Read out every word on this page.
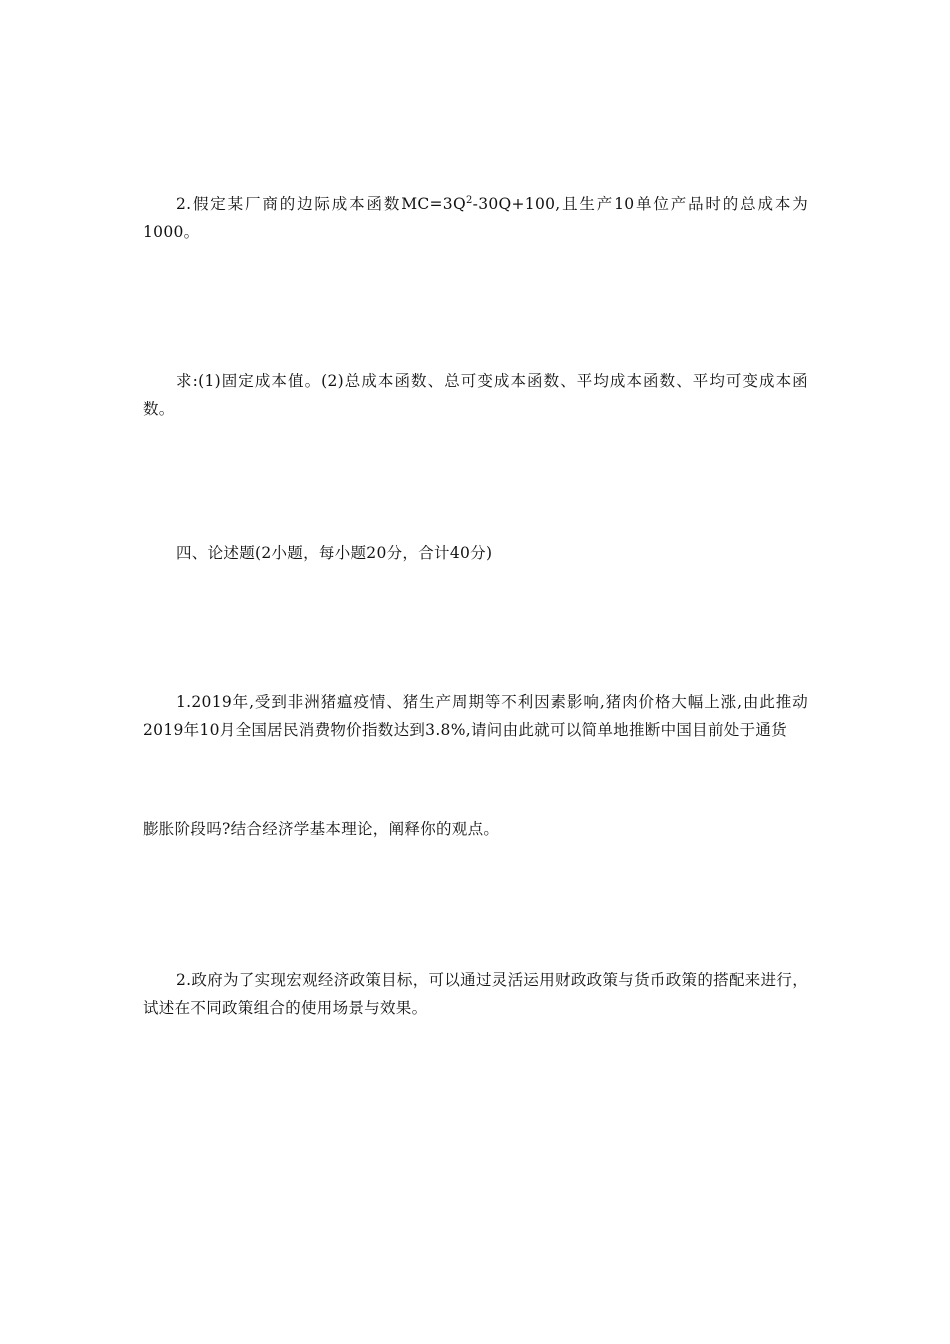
2.假定某厂商的边际成本函数$MC=3Q^2-30Q+100$,且生产10单位产品时的总成本为1000。

求:(1)固定成本值。(2)总成本函数、总可变成本函数、平均成本函数、平均可变成本函数。

四、论述题(2小题，每小题20分，合计40分)

1.2019年,受到非洲猪瘟疫情、猪生产周期等不利因素影响,猪肉价格大幅上涨,由此推动2019年10月全国居民消费物价指数达到3.8%,请问由此就可以简单地推断中国目前处于通货

膨胀阶段吗?结合经济学基本理论，阐释你的观点。

2.政府为了实现宏观经济政策目标，可以通过灵活运用财政政策与货币政策的搭配来进行，试述在不同政策组合的使用场景与效果。
